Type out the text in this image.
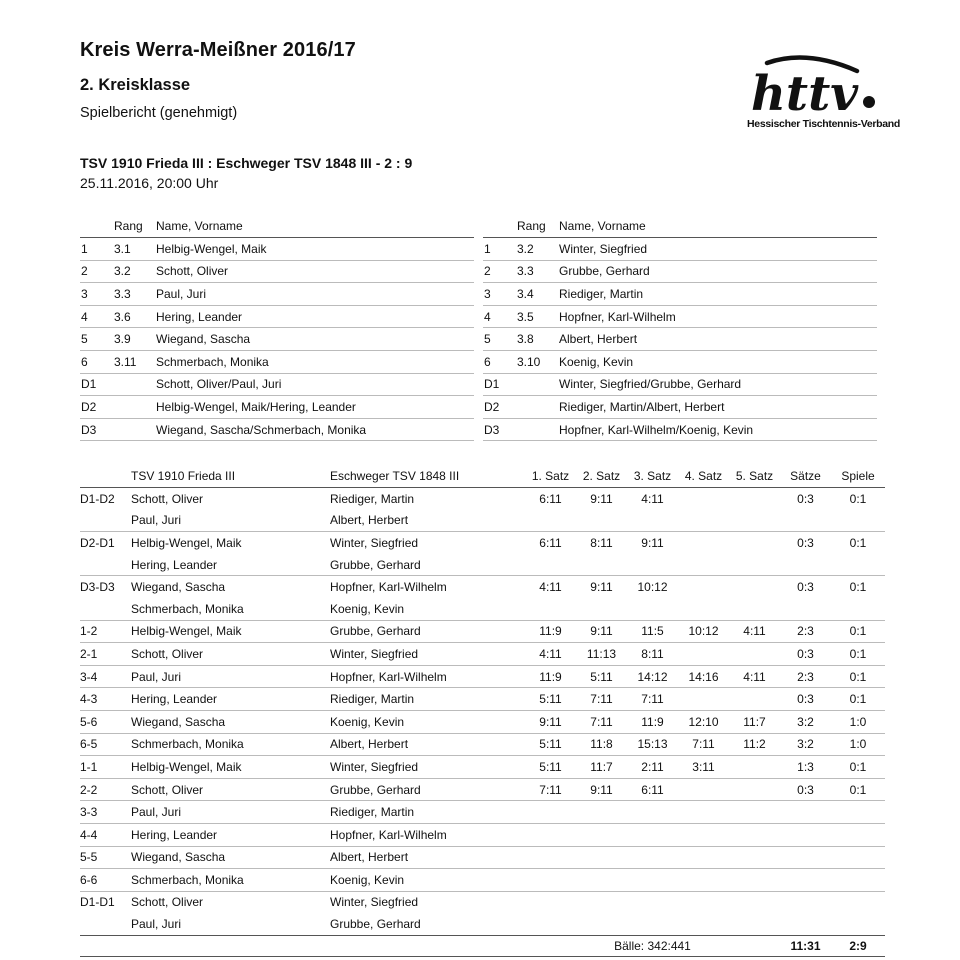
Kreis Werra-Meißner 2016/17
2. Kreisklasse
Spielbericht (genehmigt)
TSV 1910 Frieda III : Eschweger TSV 1848 III - 2 : 9
25.11.2016, 20:00 Uhr
httv
Hessischer Tischtennis-Verband
	Rang	Name, Vorname
1	3.1	Helbig-Wengel, Maik
2	3.2	Schott, Oliver
3	3.3	Paul, Juri
4	3.6	Hering, Leander
5	3.9	Wiegand, Sascha
6	3.11	Schmerbach, Monika
D1		Schott, Oliver/Paul, Juri
D2		Helbig-Wengel, Maik/Hering, Leander
D3		Wiegand, Sascha/Schmerbach, Monika
	Rang	Name, Vorname
1	3.2	Winter, Siegfried
2	3.3	Grubbe, Gerhard
3	3.4	Riediger, Martin
4	3.5	Hopfner, Karl-Wilhelm
5	3.8	Albert, Herbert
6	3.10	Koenig, Kevin
D1		Winter, Siegfried/Grubbe, Gerhard
D2		Riediger, Martin/Albert, Herbert
D3		Hopfner, Karl-Wilhelm/Koenig, Kevin
	TSV 1910 Frieda III	Eschweger TSV 1848 III	1. Satz	2. Satz	3. Satz	4. Satz	5. Satz	Sätze	Spiele
D1-D2	Schott, Oliver	Riediger, Martin	6:11	9:11	4:11			0:3	0:1
	Paul, Juri	Albert, Herbert							
D2-D1	Helbig-Wengel, Maik	Winter, Siegfried	6:11	8:11	9:11			0:3	0:1
	Hering, Leander	Grubbe, Gerhard							
D3-D3	Wiegand, Sascha	Hopfner, Karl-Wilhelm	4:11	9:11	10:12			0:3	0:1
	Schmerbach, Monika	Koenig, Kevin							
1-2	Helbig-Wengel, Maik	Grubbe, Gerhard	11:9	9:11	11:5	10:12	4:11	2:3	0:1
2-1	Schott, Oliver	Winter, Siegfried	4:11	11:13	8:11			0:3	0:1
3-4	Paul, Juri	Hopfner, Karl-Wilhelm	11:9	5:11	14:12	14:16	4:11	2:3	0:1
4-3	Hering, Leander	Riediger, Martin	5:11	7:11	7:11			0:3	0:1
5-6	Wiegand, Sascha	Koenig, Kevin	9:11	7:11	11:9	12:10	11:7	3:2	1:0
6-5	Schmerbach, Monika	Albert, Herbert	5:11	11:8	15:13	7:11	11:2	3:2	1:0
1-1	Helbig-Wengel, Maik	Winter, Siegfried	5:11	11:7	2:11	3:11		1:3	0:1
2-2	Schott, Oliver	Grubbe, Gerhard	7:11	9:11	6:11			0:3	0:1
3-3	Paul, Juri	Riediger, Martin							
4-4	Hering, Leander	Hopfner, Karl-Wilhelm							
5-5	Wiegand, Sascha	Albert, Herbert							
6-6	Schmerbach, Monika	Koenig, Kevin							
D1-D1	Schott, Oliver	Winter, Siegfried							
	Paul, Juri	Grubbe, Gerhard							
			Bälle: 342:441					11:31	2:9
